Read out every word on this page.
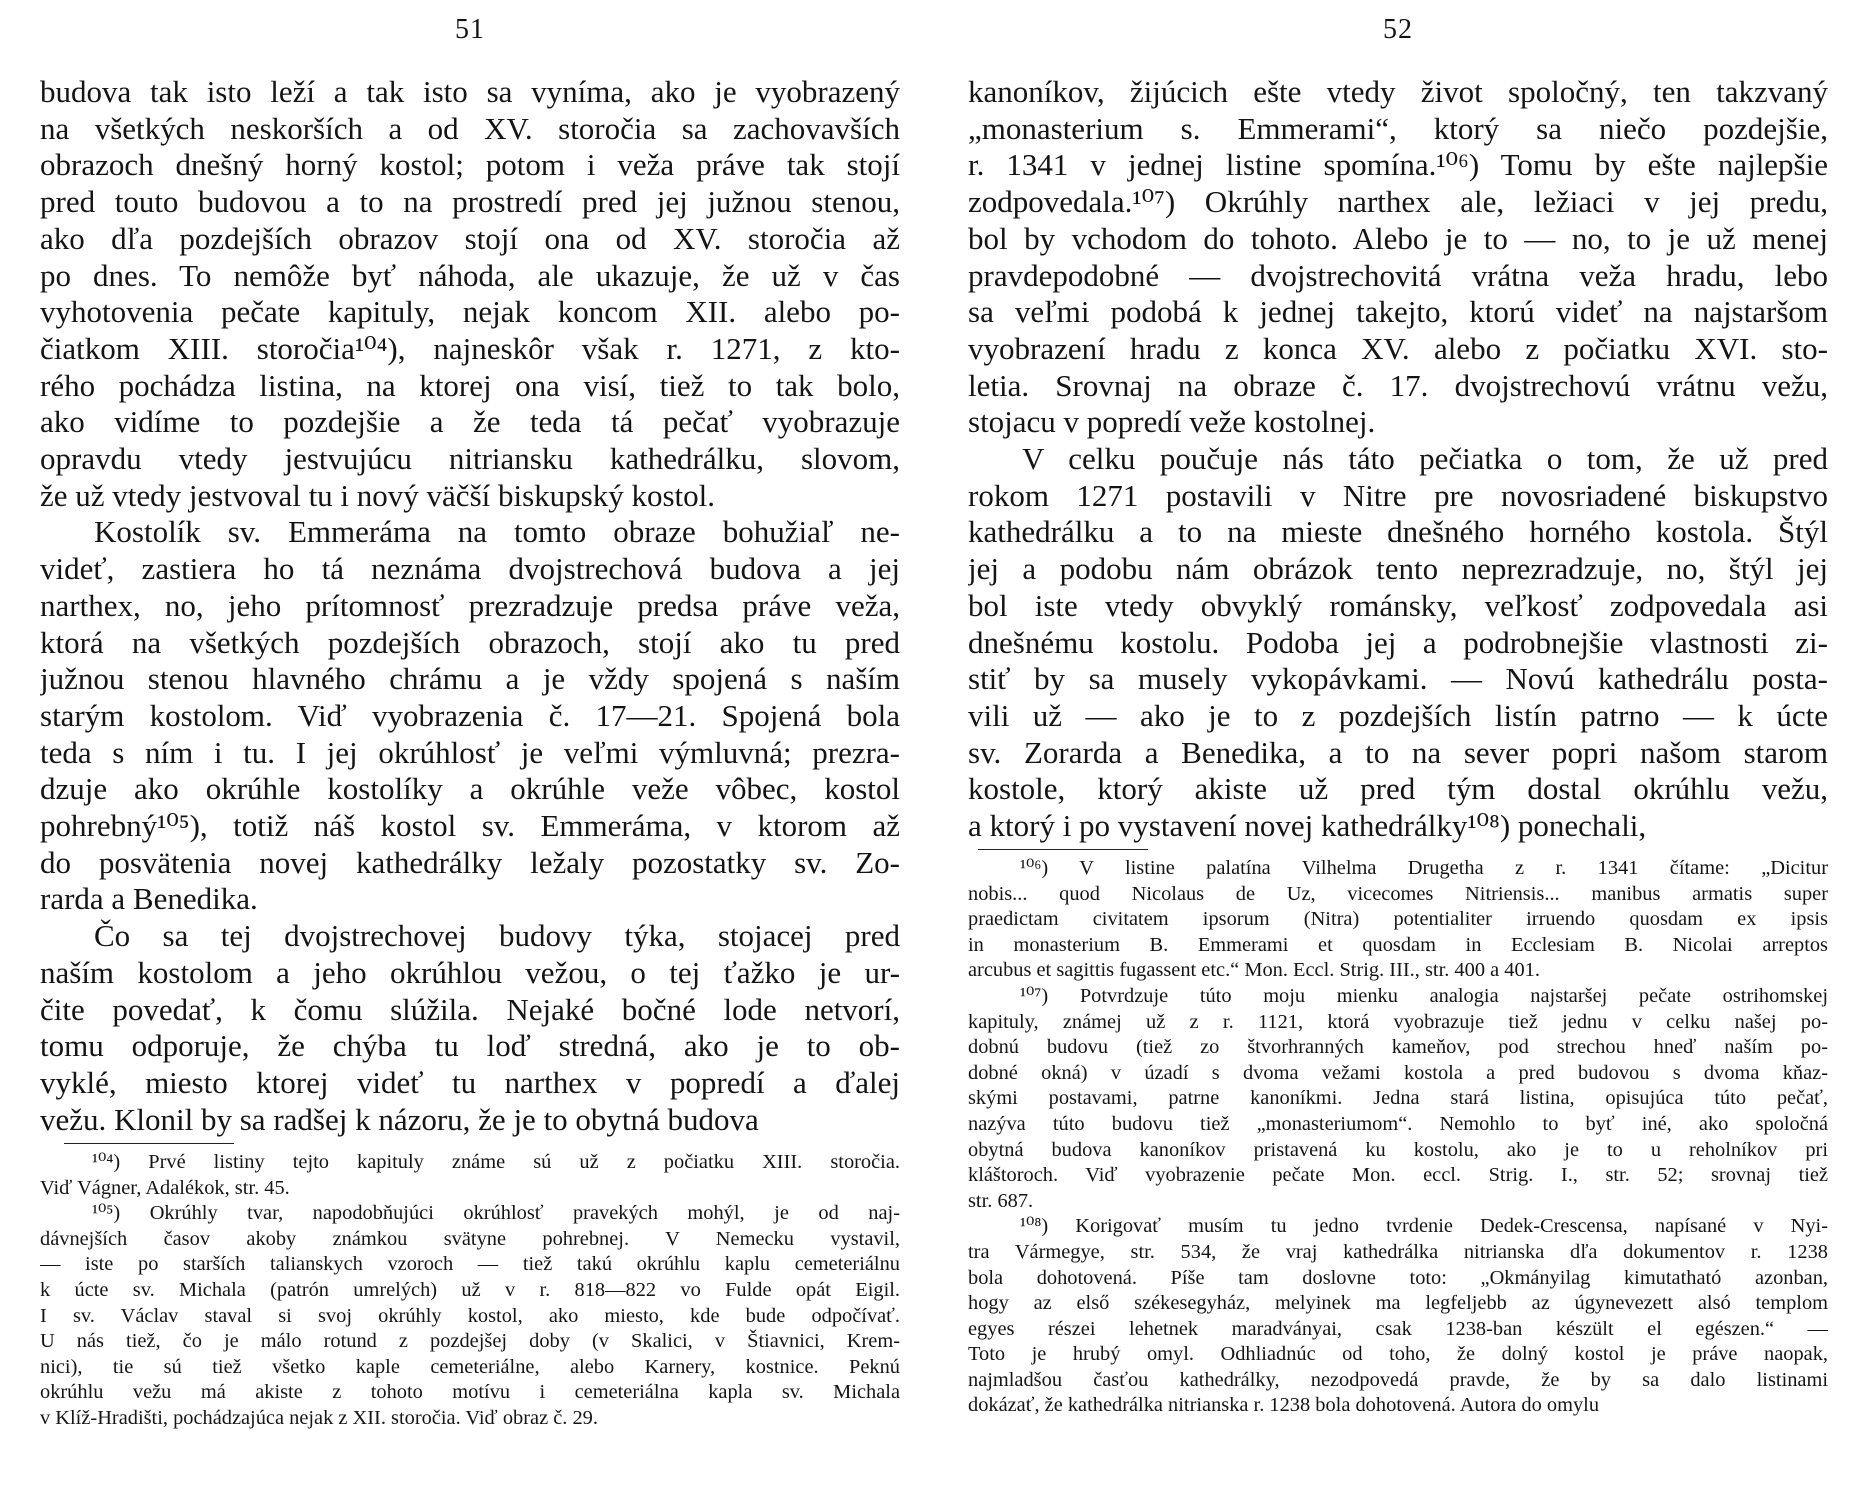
51
budova tak isto leží a tak isto sa vyníma, ako je vyobrazený
na všetkých neskorších a od XV. storočia sa zachovavších
obrazoch dnešný horný kostol; potom i veža práve tak stojí
pred touto budovou a to na prostredí pred jej južnou stenou,
ako dľa pozdejších obrazov stojí ona od XV. storočia až
po dnes. To nemôže byť náhoda, ale ukazuje, že už v čas
vyhotovenia pečate kapituly, nejak koncom XII. alebo po-
čiatkom XIII. storočia¹⁰⁴), najneskôr však r. 1271, z kto-
rého pochádza listina, na ktorej ona visí, tiež to tak bolo,
ako vidíme to pozdejšie a že teda tá pečať vyobrazuje
opravdu vtedy jestvujúcu nitriansku kathedrálku, slovom,
že už vtedy jestvoval tu i nový väčší biskupský kostol.
Kostolík sv. Emmeráma na tomto obraze bohužiaľ ne-
videť, zastiera ho tá neznáma dvojstrechová budova a jej
narthex, no, jeho prítomnosť prezradzuje predsa práve veža,
ktorá na všetkých pozdejších obrazoch, stojí ako tu pred
južnou stenou hlavného chrámu a je vždy spojená s naším
starým kostolom. Viď vyobrazenia č. 17—21. Spojená bola
teda s ním i tu. I jej okrúhlosť je veľmi výmluvná; prezra-
dzuje ako okrúhle kostolíky a okrúhle veže vôbec, kostol
pohrebný¹⁰⁵), totiž náš kostol sv. Emmeráma, v ktorom až
do posvätenia novej kathedrálky ležaly pozostatky sv. Zo-
rarda a Benedika.
Čo sa tej dvojstrechovej budovy týka, stojacej pred
naším kostolom a jeho okrúhlou vežou, o tej ťažko je ur-
čite povedať, k čomu slúžila. Nejaké bočné lode netvorí,
tomu odporuje, že chýba tu loď stredná, ako je to ob-
vyklé, miesto ktorej videť tu narthex v popredí a ďalej
vežu. Klonil by sa radšej k názoru, že je to obytná budova
¹⁰⁴) Prvé listiny tejto kapituly známe sú už z počiatku XIII. storočia.
Viď Vágner, Adalékok, str. 45.
¹⁰⁵) Okrúhly tvar, napodobňujúci okrúhlosť pravekých mohýl, je od naj-
dávnejších časov akoby známkou svätyne pohrebnej. V Nemecku vystavil,
— iste po starších talianskych vzoroch — tiež takú okrúhlu kaplu cemeteriálnu
k úcte sv. Michala (patrón umrelých) už v r. 818—822 vo Fulde opát Eigil.
I sv. Václav staval si svoj okrúhly kostol, ako miesto, kde bude odpočívať.
U nás tiež, čo je málo rotund z pozdejšej doby (v Skalici, v Štiavnici, Krem-
nici), tie sú tiež všetko kaple cemeteriálne, alebo Karnery, kostnice. Peknú
okrúhlu vežu má akiste z tohoto motívu i cemeteriálna kapla sv. Michala
v Klíž-Hradišti, pochádzajúca nejak z XII. storočia. Viď obraz č. 29.
52
kanoníkov, žijúcich ešte vtedy život spoločný, ten takzvaný
„monasterium s. Emmerami“, ktorý sa niečo pozdejšie,
r. 1341 v jednej listine spomína.¹⁰⁶) Tomu by ešte najlepšie
zodpovedala.¹⁰⁷) Okrúhly narthex ale, ležiaci v jej predu,
bol by vchodom do tohoto. Alebo je to — no, to je už menej
pravdepodobné — dvojstrechovitá vrátna veža hradu, lebo
sa veľmi podobá k jednej takejto, ktorú videť na najstaršom
vyobrazení hradu z konca XV. alebo z počiatku XVI. sto-
letia. Srovnaj na obraze č. 17. dvojstrechovú vrátnu vežu,
stojacu v popredí veže kostolnej.
V celku poučuje nás táto pečiatka o tom, že už pred
rokom 1271 postavili v Nitre pre novosriadené biskupstvo
kathedrálku a to na mieste dnešného horného kostola. Štýl
jej a podobu nám obrázok tento neprezradzuje, no, štýl jej
bol iste vtedy obvyklý románsky, veľkosť zodpovedala asi
dnešnému kostolu. Podoba jej a podrobnejšie vlastnosti zi-
stiť by sa musely vykopávkami. — Novú kathedrálu posta-
vili už — ako je to z pozdejších listín patrno — k úcte
sv. Zorarda a Benedika, a to na sever popri našom starom
kostole, ktorý akiste už pred tým dostal okrúhlu vežu,
a ktorý i po vystavení novej kathedrálky¹⁰⁸) ponechali,
¹⁰⁶) V listine palatína Vilhelma Drugetha z r. 1341 čítame: „Dicitur
nobis... quod Nicolaus de Uz, vicecomes Nitriensis... manibus armatis super
praedictam civitatem ipsorum (Nitra) potentialiter irruendo quosdam ex ipsis
in monasterium B. Emmerami et quosdam in Ecclesiam B. Nicolai arreptos
arcubus et sagittis fugassent etc.“ Mon. Eccl. Strig. III., str. 400 a 401.
¹⁰⁷) Potvrdzuje túto moju mienku analogia najstaršej pečate ostrihomskej
kapituly, známej už z r. 1121, ktorá vyobrazuje tiež jednu v celku našej po-
dobnú budovu (tiež zo štvorhranných kameňov, pod strechou hneď naším po-
dobné okná) v úzadí s dvoma vežami kostola a pred budovou s dvoma kňaz-
skými postavami, patrne kanoníkmi. Jedna stará listina, opisujúca túto pečať,
nazýva túto budovu tiež „monasteriumom“. Nemohlo to byť iné, ako spoločná
obytná budova kanoníkov pristavená ku kostolu, ako je to u reholníkov pri
kláštoroch. Viď vyobrazenie pečate Mon. eccl. Strig. I., str. 52; srovnaj tiež
str. 687.
¹⁰⁸) Korigovať musím tu jedno tvrdenie Dedek-Crescensa, napísané v Nyi-
tra Vármegye, str. 534, že vraj kathedrálka nitrianska dľa dokumentov r. 1238
bola dohotovená. Píše tam doslovne toto: „Okmányilag kimutatható azonban,
hogy az első székesegyház, melyinek ma legfeljebb az úgynevezett alsó templom
egyes részei lehetnek maradványai, csak 1238-ban készült el egészen.“ —
Toto je hrubý omyl. Odhliadnúc od toho, že dolný kostol je práve naopak,
najmladšou časťou kathedrálky, nezodpovedá pravde, že by sa dalo listinami
dokázať, že kathedrálka nitrianska r. 1238 bola dohotovená. Autora do omylu
